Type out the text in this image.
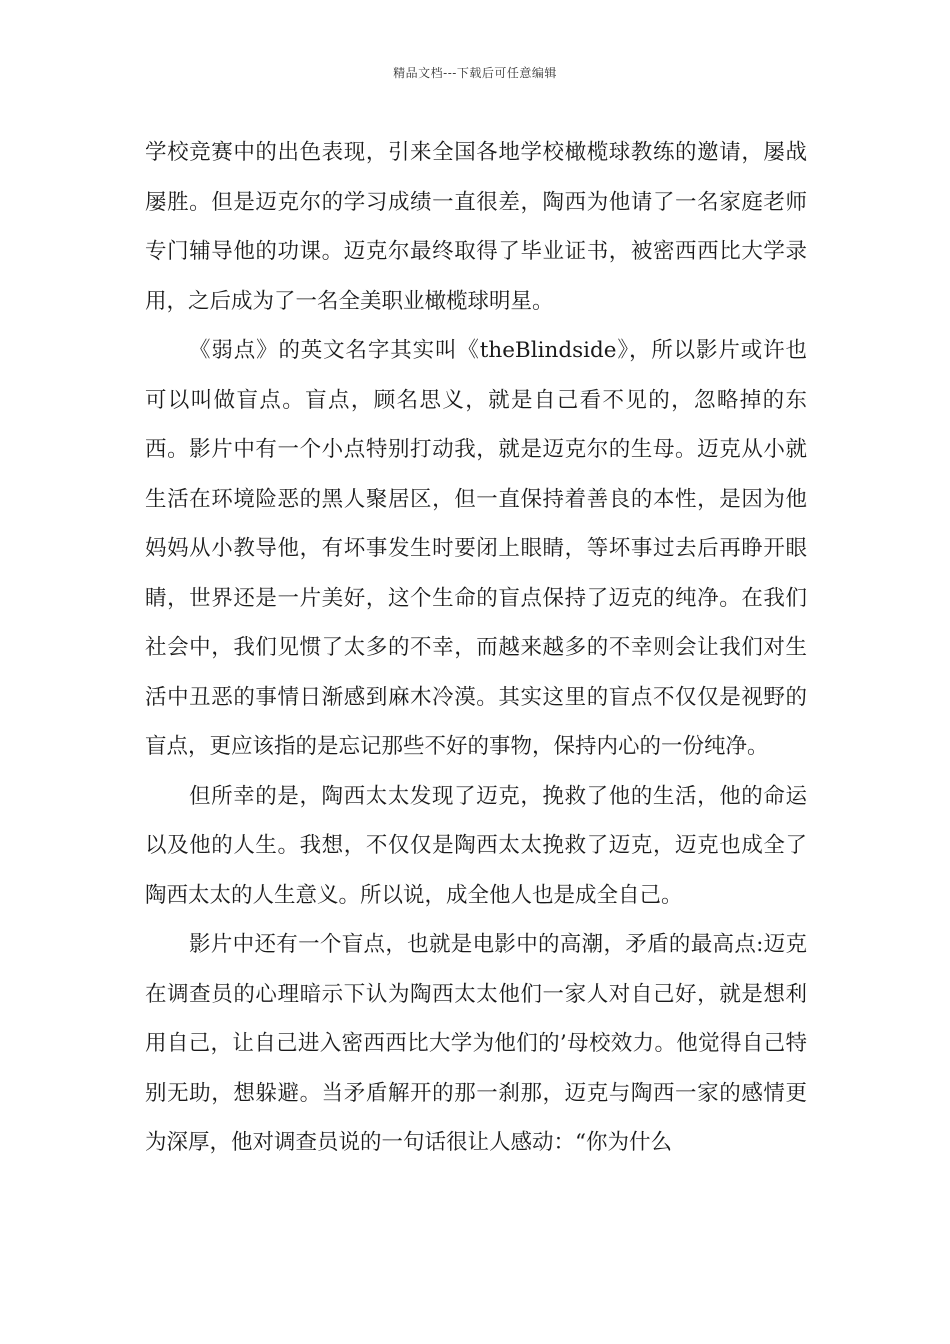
精品文档---下载后可任意编辑

学校竞赛中的出色表现，引来全国各地学校橄榄球教练的邀请，屡战屡胜。但是迈克尔的学习成绩一直很差，陶西为他请了一名家庭老师专门辅导他的功课。迈克尔最终取得了毕业证书，被密西西比大学录用，之后成为了一名全美职业橄榄球明星。

《弱点》的英文名字其实叫《theBlindside》，所以影片或许也可以叫做盲点。盲点，顾名思义，就是自己看不见的，忽略掉的东西。影片中有一个小点特别打动我，就是迈克尔的生母。迈克从小就生活在环境险恶的黑人聚居区，但一直保持着善良的本性，是因为他妈妈从小教导他，有坏事发生时要闭上眼睛，等坏事过去后再睁开眼睛，世界还是一片美好，这个生命的盲点保持了迈克的纯净。在我们社会中，我们见惯了太多的不幸，而越来越多的不幸则会让我们对生活中丑恶的事情日渐感到麻木冷漠。其实这里的盲点不仅仅是视野的盲点，更应该指的是忘记那些不好的事物，保持内心的一份纯净。

但所幸的是，陶西太太发现了迈克，挽救了他的生活，他的命运以及他的人生。我想，不仅仅是陶西太太挽救了迈克，迈克也成全了陶西太太的人生意义。所以说，成全他人也是成全自己。

影片中还有一个盲点，也就是电影中的高潮，矛盾的最高点:迈克在调查员的心理暗示下认为陶西太太他们一家人对自己好，就是想利用自己，让自己进入密西西比大学为他们的’母校效力。他觉得自己特别无助，想躲避。当矛盾解开的那一刹那，迈克与陶西一家的感情更为深厚，他对调查员说的一句话很让人感动：“你为什么
